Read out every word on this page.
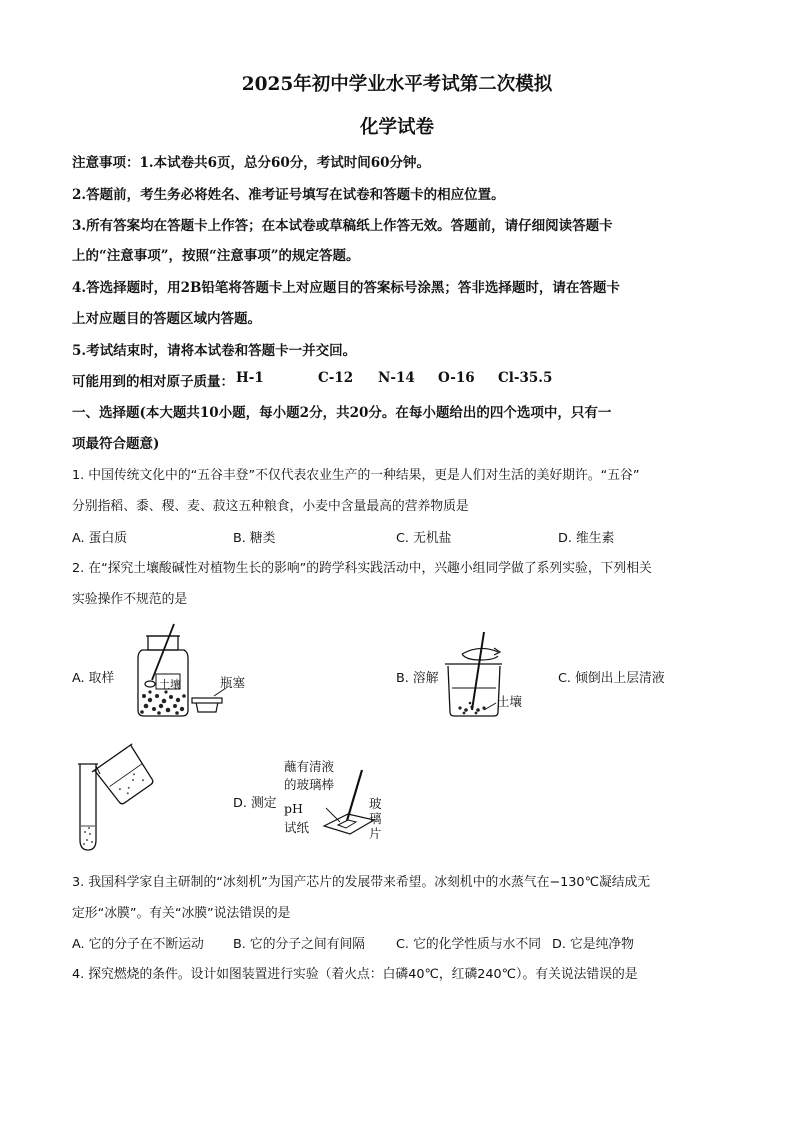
2025年初中学业水平考试第二次模拟
化学试卷
注意事项：1.本试卷共6页，总分60分，考试时间60分钟。
2.答题前，考生务必将姓名、准考证号填写在试卷和答题卡的相应位置。
3.所有答案均在答题卡上作答；在本试卷或草稿纸上作答无效。答题前，请仔细阅读答题卡
上的“注意事项”，按照“注意事项”的规定答题。
4.答选择题时，用2B铅笔将答题卡上对应题目的答案标号涂黑；答非选择题时，请在答题卡
上对应题目的答题区域内答题。
5.考试结束时，请将本试卷和答题卡一并交回。
可能用到的相对原子质量： H-1	C-12 N-14 O-16 Cl-35.5
一、选择题(本大题共10小题，每小题2分，共20分。在每小题给出的四个选项中，只有一
项最符合题意)
1. 中国传统文化中的“五谷丰登”不仅代表农业生产的一种结果，更是人们对生活的美好期许。“五谷”
分别指稻、黍、稷、麦、菽这五种粮食，小麦中含量最高的营养物质是
A. 蛋白质	B. 糖类	C. 无机盐	D. 维生素
2. 在“探究土壤酸碱性对植物生长的影响”的跨学科实践活动中，兴趣小组同学做了系列实验，下列相关
实验操作不规范的是
A. 取样	B. 溶解	C. 倾倒出上层清液
D. 测定
土壤	瓶塞
土壤
蘸有清液
的玻璃棒
pH
试纸
玻
璃
片
3. 我国科学家自主研制的“冰刻机”为国产芯片的发展带来希望。冰刻机中的水蒸气在−130℃凝结成无
定形“冰膜”。有关“冰膜”说法错误的是
A. 它的分子在不断运动 B. 它的分子之间有间隔 C. 它的化学性质与水不同 D. 它是纯净物
4. 探究燃烧的条件。设计如图装置进行实验（着火点：白磷40℃，红磷240℃）。有关说法错误的是
